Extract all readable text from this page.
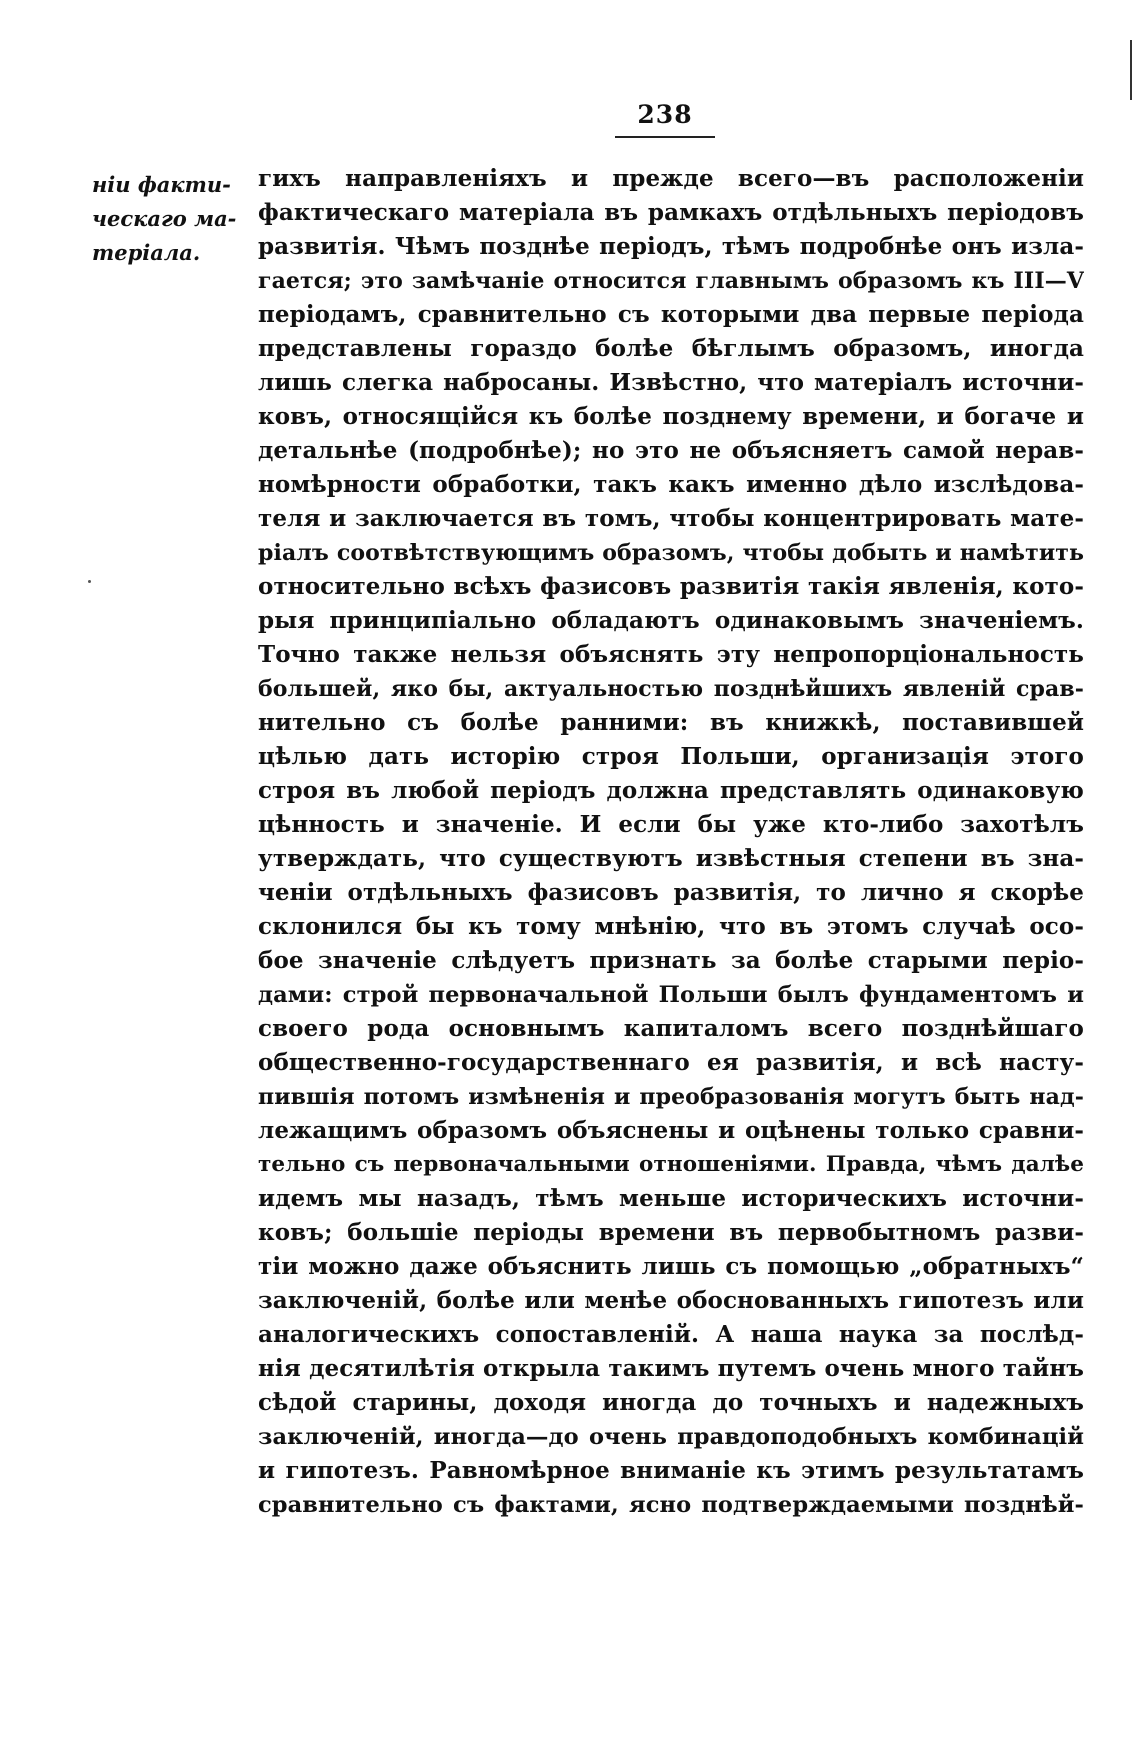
238
нiи факти-
ческаго ма-
терiала.
гихъ направленiяхъ и прежде всего—въ расположенiи
фактическаго матерiала въ рамкахъ отдѣльныхъ перiодовъ
развитiя. Чѣмъ позднѣе перiодъ, тѣмъ подробнѣе онъ изла-
гается; это замѣчанiе относится главнымъ образомъ къ III—V
перiодамъ, сравнительно съ которыми два первые перiода
представлены гораздо болѣе бѣглымъ образомъ, иногда
лишь слегка набросаны. Извѣстно, что матерiалъ источни-
ковъ, относящiйся къ болѣе позднему времени, и богаче и
детальнѣе (подробнѣе); но это не объясняетъ самой нерав-
номѣрности обработки, такъ какъ именно дѣло изслѣдова-
теля и заключается въ томъ, чтобы концентрировать мате-
рiалъ соотвѣтствующимъ образомъ, чтобы добыть и намѣтить
относительно всѣхъ фазисовъ развитiя такiя явленiя, кото-
рыя принципiально обладаютъ одинаковымъ значенiемъ.
Точно также нельзя объяснять эту непропорцiональность
большей, яко бы, актуальностью позднѣйшихъ явленiй срав-
нительно съ болѣе ранними: въ книжкѣ, поставившей
цѣлью дать исторiю строя Польши, организацiя этого
строя въ любой перiодъ должна представлять одинаковую
цѣнность и значенiе. И если бы уже кто-либо захотѣлъ
утверждать, что существуютъ извѣстныя степени въ зна-
ченiи отдѣльныхъ фазисовъ развитiя, то лично я скорѣе
склонился бы къ тому мнѣнiю, что въ этомъ случаѣ осо-
бое значенiе слѣдуетъ признать за болѣе старыми перiо-
дами: строй первоначальной Польши былъ фундаментомъ и
своего рода основнымъ капиталомъ всего позднѣйшаго
общественно-государственнаго ея развитiя, и всѣ насту-
пившiя потомъ измѣненiя и преобразованiя могутъ быть над-
лежащимъ образомъ объяснены и оцѣнены только сравни-
тельно съ первоначальными отношенiями. Правда, чѣмъ далѣе
идемъ мы назадъ, тѣмъ меньше историческихъ источни-
ковъ; большiе перiоды времени въ первобытномъ разви-
тiи можно даже объяснить лишь съ помощью „обратныхъ“
заключенiй, болѣе или менѣе обоснованныхъ гипотезъ или
аналогическихъ сопоставленiй. А наша наука за послѣд-
нiя десятилѣтiя открыла такимъ путемъ очень много тайнъ
сѣдой старины, доходя иногда до точныхъ и надежныхъ
заключенiй, иногда—до очень правдоподобныхъ комбинацiй
и гипотезъ. Равномѣрное вниманiе къ этимъ результатамъ
сравнительно съ фактами, ясно подтверждаемыми позднѣй-
